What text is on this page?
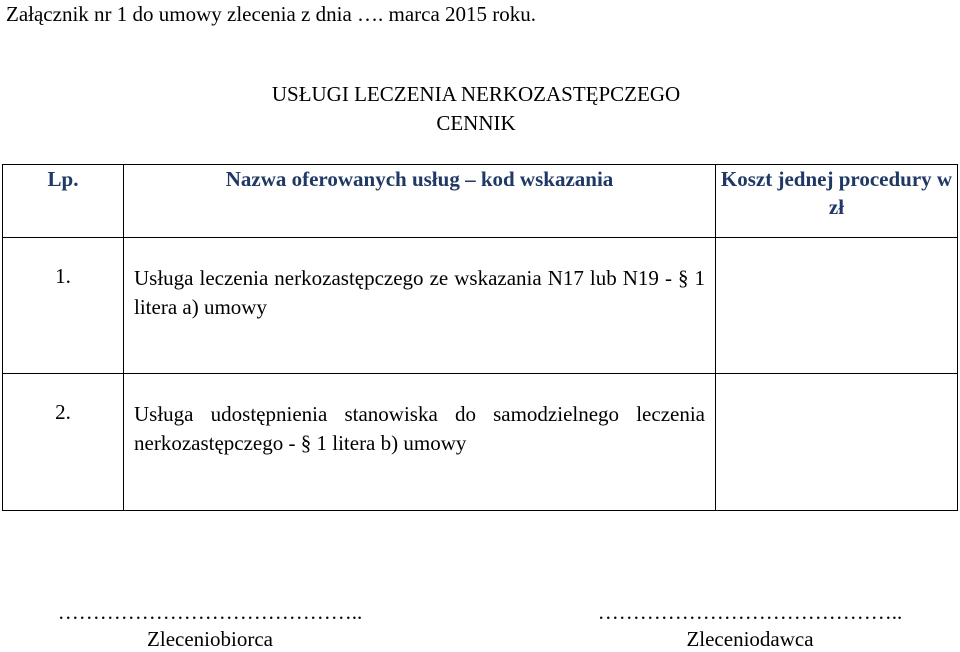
Załącznik nr 1 do umowy zlecenia z dnia …. marca 2015 roku.
USŁUGI LECZENIA NERKOZASTĘPCZEGO
CENNIK
Lp.	Nazwa oferowanych usług – kod wskazania	Koszt jednej procedury w zł
1.	Usługa leczenia nerkozastępczego ze wskazania N17 lub N19 - § 1 litera a) umowy	
2.	Usługa udostępnienia stanowiska do samodzielnego leczenia nerkozastępczego - § 1 litera b) umowy	
……………………………………..
Zleceniobiorca
……………………………………..
Zleceniodawca
